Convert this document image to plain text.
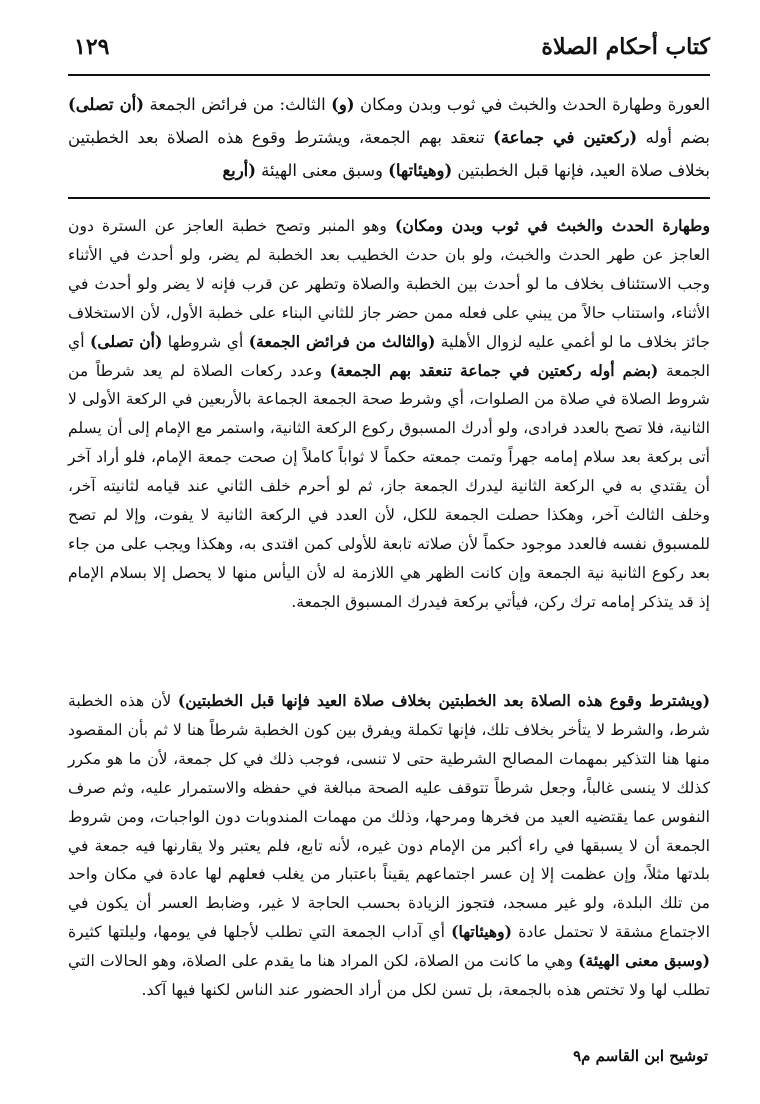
كتاب أحكام الصلاة
١٢٩
العورة وطهارة الحدث والخبث في ثوب وبدن ومكان (و) الثالث: من فرائض الجمعة (أن تصلى) بضم أوله (ركعتين في جماعة) تنعقد بهم الجمعة، ويشترط وقوع هذه الصلاة بعد الخطبتين بخلاف صلاة العيد، فإنها قبل الخطبتين (وهيئاتها) وسبق معنى الهيئة (أربع

وطهارة الحدث والخبث في ثوب وبدن ومكان) وهو المنبر وتصح خطبة العاجز عن السترة دون العاجز عن طهر الحدث والخبث، ولو بان حدث الخطيب بعد الخطبة لم يضر، ولو أحدث في الأثناء وجب الاستئناف بخلاف ما لو أحدث بين الخطبة والصلاة وتطهر عن قرب فإنه لا يضر ولو أحدث في الأثناء، واستناب حالاً من يبني على فعله ممن حضر جاز للثاني البناء على خطبة الأول، لأن الاستخلاف جائز بخلاف ما لو أغمي عليه لزوال الأهلية (والثالث من فرائض الجمعة) أي شروطها (أن تصلى) أي الجمعة (بضم أوله ركعتين في جماعة تنعقد بهم الجمعة) وعدد ركعات الصلاة لم يعد شرطاً من شروط الصلاة في صلاة من الصلوات، أي وشرط صحة الجمعة الجماعة بالأربعين في الركعة الأولى لا الثانية، فلا تصح بالعدد فرادى، ولو أدرك المسبوق ركوع الركعة الثانية، واستمر مع الإمام إلى أن يسلم أتى بركعة بعد سلام إمامه جهراً وتمت جمعته حكماً لا ثواباً كاملاً إن صحت جمعة الإمام، فلو أراد آخر أن يقتدي به في الركعة الثانية ليدرك الجمعة جاز، ثم لو أحرم خلف الثاني عند قيامه لثانيته آخر، وخلف الثالث آخر، وهكذا حصلت الجمعة للكل، لأن العدد في الركعة الثانية لا يفوت، وإلا لم تصح للمسبوق نفسه فالعدد موجود حكماً لأن صلاته تابعة للأولى كمن اقتدى به، وهكذا ويجب على من جاء بعد ركوع الثانية نية الجمعة وإن كانت الظهر هي اللازمة له لأن اليأس منها لا يحصل إلا بسلام الإمام إذ قد يتذكر إمامه ترك ركن، فيأتي بركعة فيدرك المسبوق الجمعة.

(ويشترط وقوع هذه الصلاة بعد الخطبتين بخلاف صلاة العيد فإنها قبل الخطبتين) لأن هذه الخطبة شرط، والشرط لا يتأخر بخلاف تلك، فإنها تكملة ويفرق بين كون الخطبة شرطاً هنا لا ثم بأن المقصود منها هنا التذكير بمهمات المصالح الشرطية حتى لا تنسى، فوجب ذلك في كل جمعة، لأن ما هو مكرر كذلك لا ينسى غالباً، وجعل شرطاً تتوقف عليه الصحة مبالغة في حفظه والاستمرار عليه، وثم صرف النفوس عما يقتضيه العيد من فخرها ومرحها، وذلك من مهمات المندوبات دون الواجبات، ومن شروط الجمعة أن لا يسبقها في راء أكبر من الإمام دون غيره، لأنه تابع، فلم يعتبر ولا يقارنها فيه جمعة في بلدتها مثلاً، وإن عظمت إلا إن عسر اجتماعهم يقيناً باعتبار من يغلب فعلهم لها عادة في مكان واحد من تلك البلدة، ولو غير مسجد، فتجوز الزيادة بحسب الحاجة لا غير، وضابط العسر أن يكون في الاجتماع مشقة لا تحتمل عادة (وهيئاتها) أي آداب الجمعة التي تطلب لأجلها في يومها، وليلتها كثيرة (وسبق معنى الهيئة) وهي ما كانت من الصلاة، لكن المراد هنا ما يقدم على الصلاة، وهو الحالات التي تطلب لها ولا تختص هذه بالجمعة، بل تسن لكل من أراد الحضور عند الناس لكنها فيها آكد.

توشيح ابن القاسم م٩
